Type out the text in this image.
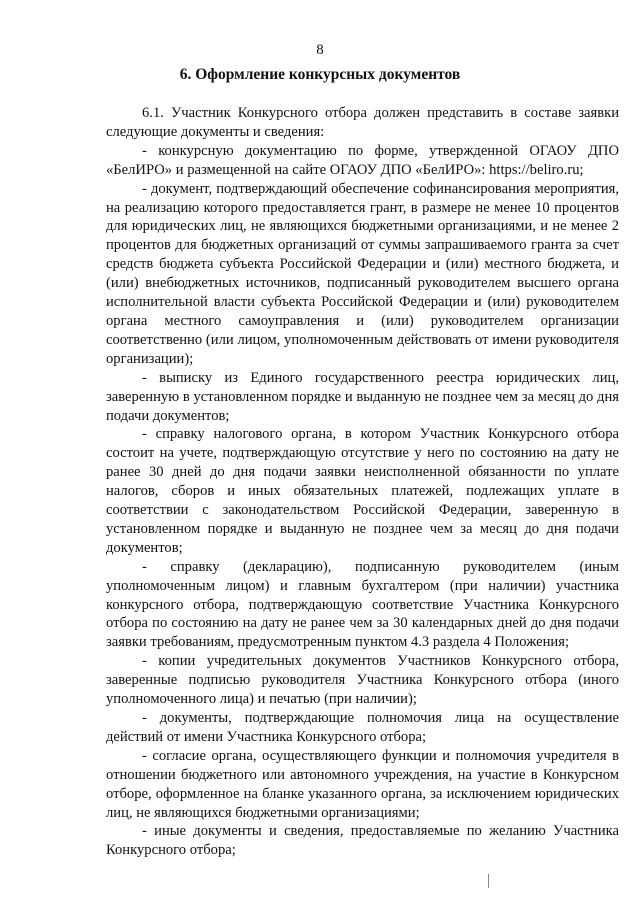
8
6. Оформление конкурсных документов

6.1. Участник Конкурсного отбора должен представить в составе заявки следующие документы и сведения:

- конкурсную документацию по форме, утвержденной ОГАОУ ДПО «БелИРО» и размещенной на сайте ОГАОУ ДПО «БелИРО»: https://beliro.ru;

- документ, подтверждающий обеспечение софинансирования мероприятия, на реализацию которого предоставляется грант, в размере не менее 10 процентов для юридических лиц, не являющихся бюджетными организациями, и не менее 2 процентов для бюджетных организаций от суммы запрашиваемого гранта за счет средств бюджета субъекта Российской Федерации и (или) местного бюджета, и (или) внебюджетных источников, подписанный руководителем высшего органа исполнительной власти субъекта Российской Федерации и (или) руководителем органа местного самоуправления и (или) руководителем организации соответственно (или лицом, уполномоченным действовать от имени руководителя организации);

- выписку из Единого государственного реестра юридических лиц, заверенную в установленном порядке и выданную не позднее чем за месяц до дня подачи документов;

- справку налогового органа, в котором Участник Конкурсного отбора состоит на учете, подтверждающую отсутствие у него по состоянию на дату не ранее 30 дней до дня подачи заявки неисполненной обязанности по уплате налогов, сборов и иных обязательных платежей, подлежащих уплате в соответствии с законодательством Российской Федерации, заверенную в установленном порядке и выданную не позднее чем за месяц до дня подачи документов;

- справку (декларацию), подписанную руководителем (иным уполномоченным лицом) и главным бухгалтером (при наличии) участника конкурсного отбора, подтверждающую соответствие Участника Конкурсного отбора по состоянию на дату не ранее чем за 30 календарных дней до дня подачи заявки требованиям, предусмотренным пунктом 4.3 раздела 4 Положения;

- копии учредительных документов Участников Конкурсного отбора, заверенные подписью руководителя Участника Конкурсного отбора (иного уполномоченного лица) и печатью (при наличии);

- документы, подтверждающие полномочия лица на осуществление действий от имени Участника Конкурсного отбора;

- согласие органа, осуществляющего функции и полномочия учредителя в отношении бюджетного или автономного учреждения, на участие в Конкурсном отборе, оформленное на бланке указанного органа, за исключением юридических лиц, не являющихся бюджетными организациями;

- иные документы и сведения, предоставляемые по желанию Участника Конкурсного отбора;
